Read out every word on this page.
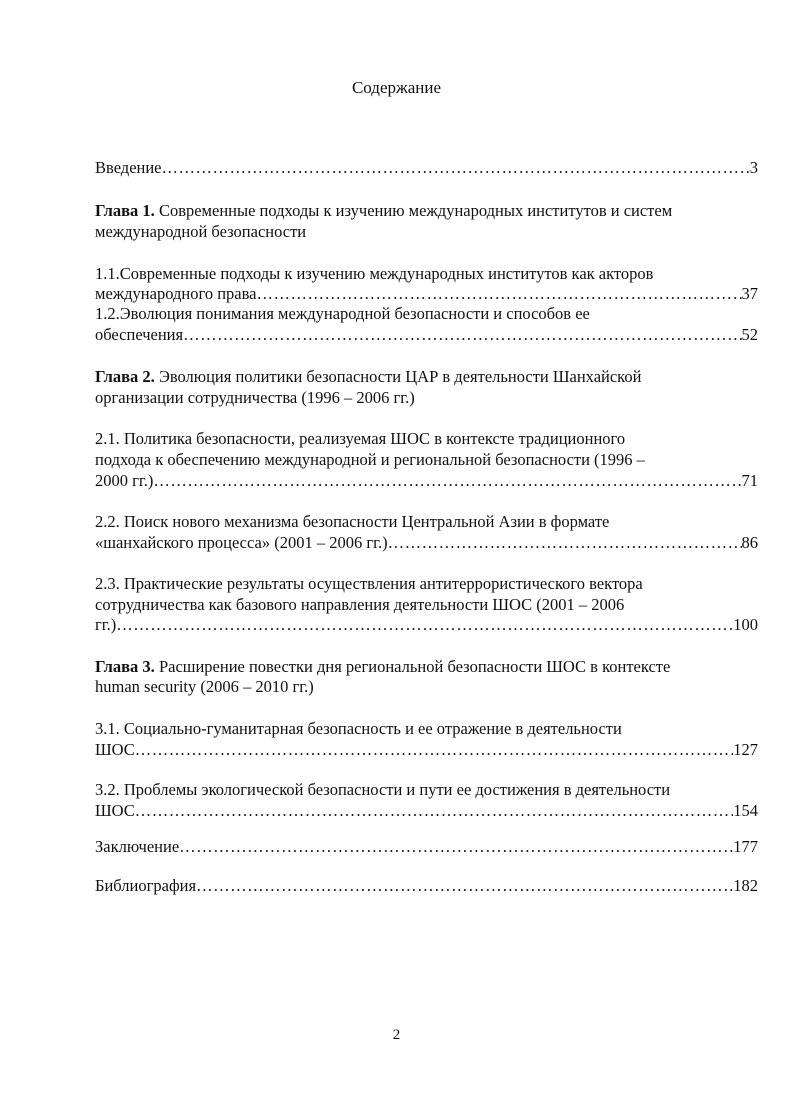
Содержание
Введение ……………………………………………………………………………………………………………………………………………	3
Глава 1. Современные подходы к изучению международных институтов и систем
международной безопасности
1.1.Современные подходы к изучению международных институтов как акторов
международного права ……………………………………………………………………………………………………………………………………………	37
1.2.Эволюция понимания международной безопасности и способов ее
обеспечения ……………………………………………………………………………………………………………………………………………	52
Глава 2. Эволюция политики безопасности ЦАР в деятельности Шанхайской
организации сотрудничества (1996 – 2006 гг.)
2.1. Политика безопасности, реализуемая ШОС в контексте традиционного
подхода к обеспечению международной и региональной безопасности (1996 –
2000 гг.) ……………………………………………………………………………………………………………………………………………	71
2.2. Поиск нового механизма безопасности Центральной Азии в формате
«шанхайского процесса» (2001 – 2006 гг.) ……………………………………………………………………………………………………………………………………………	86
2.3. Практические результаты осуществления антитеррористического вектора
сотрудничества как базового направления деятельности ШОС (2001 – 2006
гг.) ……………………………………………………………………………………………………………………………………………	100
Глава 3. Расширение повестки дня региональной безопасности ШОС в контексте
human security (2006 – 2010 гг.)
3.1. Социально-гуманитарная безопасность и ее отражение в деятельности
ШОС ……………………………………………………………………………………………………………………………………………	127
3.2. Проблемы экологической безопасности и пути ее достижения в деятельности
ШОС ……………………………………………………………………………………………………………………………………………	154
Заключение ……………………………………………………………………………………………………………………………………………	177
Библиография ……………………………………………………………………………………………………………………………………………	182
2
